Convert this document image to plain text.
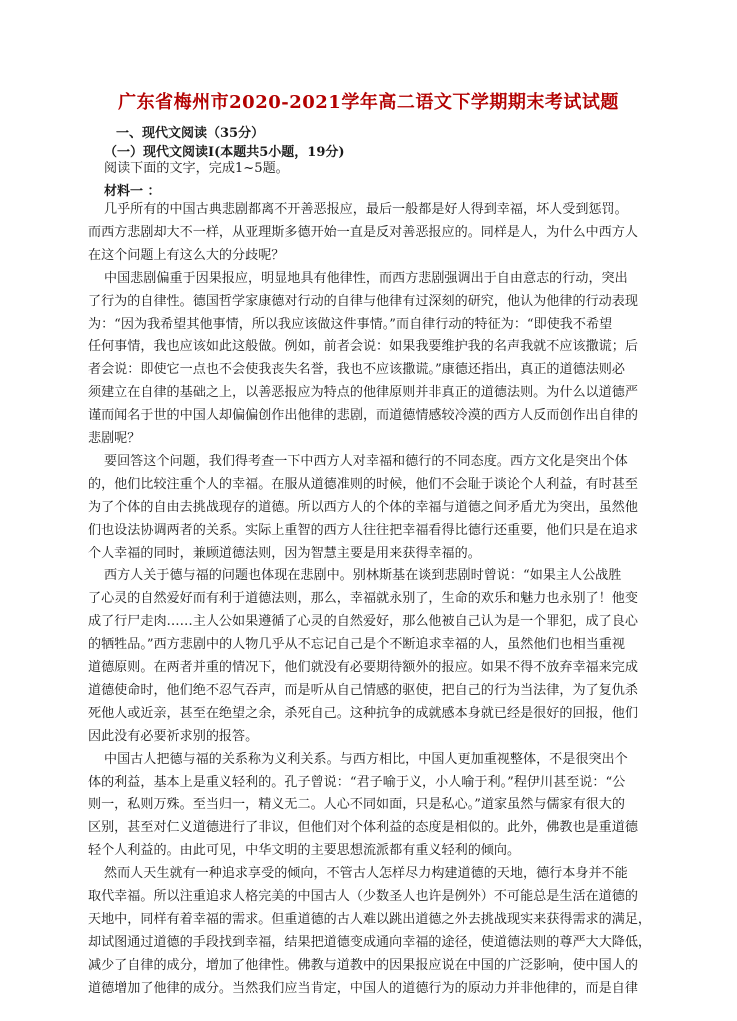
广东省梅州市2020-2021学年高二语文下学期期末考试试题
一、现代文阅读（35分）
（一）现代文阅读Ⅰ(本题共5小题，19分)
阅读下面的文字，完成1~5题。
材料一 ：
几乎所有的中国古典悲剧都离不开善恶报应，最后一般都是好人得到幸福，坏人受到惩罚。
而西方悲剧却大不一样，从亚理斯多德开始一直是反对善恶报应的。同样是人，为什么中西方人
在这个问题上有这么大的分歧呢？
中国悲剧偏重于因果报应，明显地具有他律性，而西方悲剧强调出于自由意志的行动，突出
了行为的自律性。德国哲学家康德对行动的自律与他律有过深刻的研究，他认为他律的行动表现
为：“因为我希望其他事情，所以我应该做这件事情。”而自律行动的特征为：“即使我不希望
任何事情，我也应该如此这般做。例如，前者会说：如果我要维护我的名声我就不应该撒谎；后
者会说：即使它一点也不会使我丧失名誉，我也不应该撒谎。”康德还指出，真正的道德法则必
须建立在自律的基础之上，以善恶报应为特点的他律原则并非真正的道德法则。为什么以道德严
谨而闻名于世的中国人却偏偏创作出他律的悲剧，而道德情感较冷漠的西方人反而创作出自律的
悲剧呢？
要回答这个问题，我们得考查一下中西方人对幸福和德行的不同态度。西方文化是突出个体
的，他们比较注重个人的幸福。在服从道德准则的时候，他们不会耻于谈论个人利益，有时甚至
为了个体的自由去挑战现存的道德。所以西方人的个体的幸福与道德之间矛盾尤为突出，虽然他
们也设法协调两者的关系。实际上重智的西方人往往把幸福看得比德行还重要，他们只是在追求
个人幸福的同时，兼顾道德法则，因为智慧主要是用来获得幸福的。
西方人关于德与福的问题也体现在悲剧中。别林斯基在谈到悲剧时曾说：“如果主人公战胜
了心灵的自然爱好而有利于道德法则，那么，幸福就永别了，生命的欢乐和魅力也永别了！他变
成了行尸走肉……主人公如果遵循了心灵的自然爱好，那么他被自己认为是一个罪犯，成了良心
的牺牲品。”西方悲剧中的人物几乎从不忘记自己是个不断追求幸福的人，虽然他们也相当重视
道德原则。在两者并重的情况下，他们就没有必要期待额外的报应。如果不得不放弃幸福来完成
道德使命时，他们绝不忍气吞声，而是听从自己情感的驱使，把自己的行为当法律，为了复仇杀
死他人或近亲，甚至在绝望之余，杀死自己。这种抗争的成就感本身就已经是很好的回报，他们
因此没有必要祈求别的报答。
中国古人把德与福的关系称为义利关系。与西方相比，中国人更加重视整体，不是很突出个
体的利益，基本上是重义轻利的。孔子曾说：“君子喻于义，小人喻于利。”程伊川甚至说：“公
则一，私则万殊。至当归一，精义无二。人心不同如面，只是私心。”道家虽然与儒家有很大的
区别，甚至对仁义道德进行了非议，但他们对个体利益的态度是相似的。此外，佛教也是重道德
轻个人利益的。由此可见，中华文明的主要思想流派都有重义轻利的倾向。
然而人天生就有一种追求享受的倾向，不管古人怎样尽力构建道德的天地，德行本身并不能
取代幸福。所以注重追求人格完美的中国古人（少数圣人也许是例外）不可能总是生活在道德的
天地中，同样有着幸福的需求。但重道德的古人难以跳出道德之外去挑战现实来获得需求的满足，
却试图通过道德的手段找到幸福，结果把道德变成通向幸福的途径，使道德法则的尊严大大降低，
减少了自律的成分，增加了他律性。佛教与道教中的因果报应说在中国的广泛影响，使中国人的
道德增加了他律的成分。当然我们应当肯定，中国人的道德行为的原动力并非他律的，而是自律
